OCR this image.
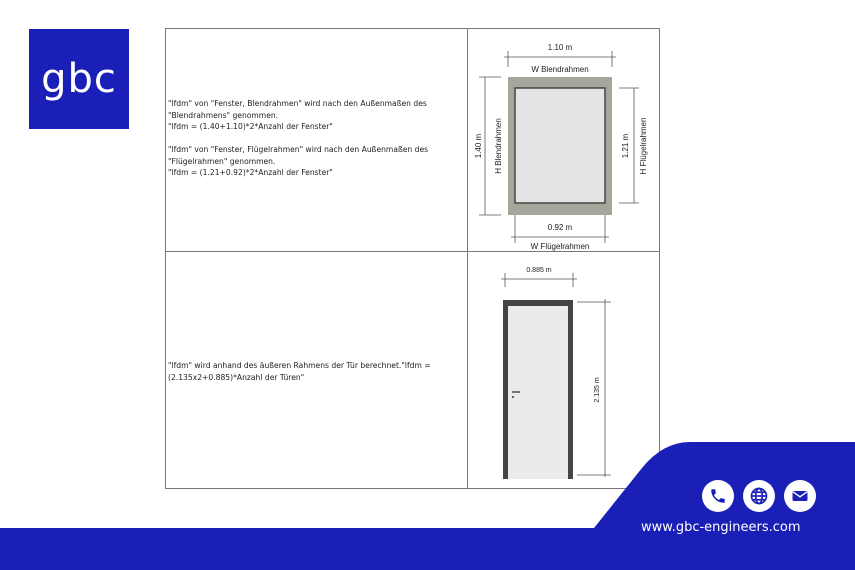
gbc

"lfdm" von "Fenster, Blendrahmen" wird nach den Außenmaßen des

"Blendrahmens" genommen.

"lfdm = (1.40+1.10)*2*Anzahl der Fenster"

"lfdm" von "Fenster, Flügelrahmen" wird nach den Außenmaßen des

"Flügelrahmen" genommen.

"lfdm = (1.21+0.92)*2*Anzahl der Fenster"

"lfdm" wird anhand des äußeren Rahmens der Tür berechnet."lfdm =

(2.135x2+0.885)*Anzahl der Türen"

1.10 m
W Blendrahmen
1.40 m H Blendrahmen	1.21 m H Flügelrahmen
0.92 m
W Flügelrahmen
0.885 m
2.135 m
www.gbc-engineers.com
